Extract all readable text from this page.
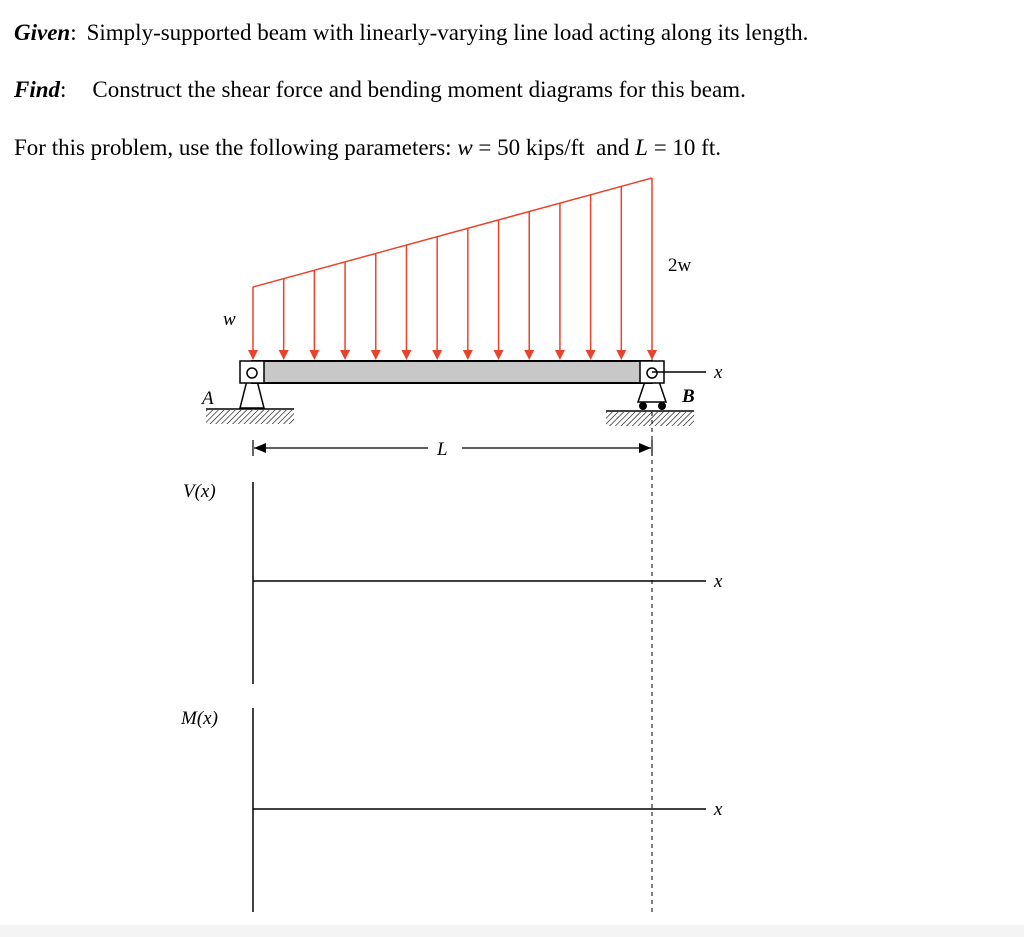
Given: Simply-supported beam with linearly-varying line load acting along its length.
Find: Construct the shear force and bending moment diagrams for this beam.
For this problem, use the following parameters: w = 50 kips/ft and L = 10 ft.
w
2w
A	B
x
L
V(x)
x
M(x)
x
